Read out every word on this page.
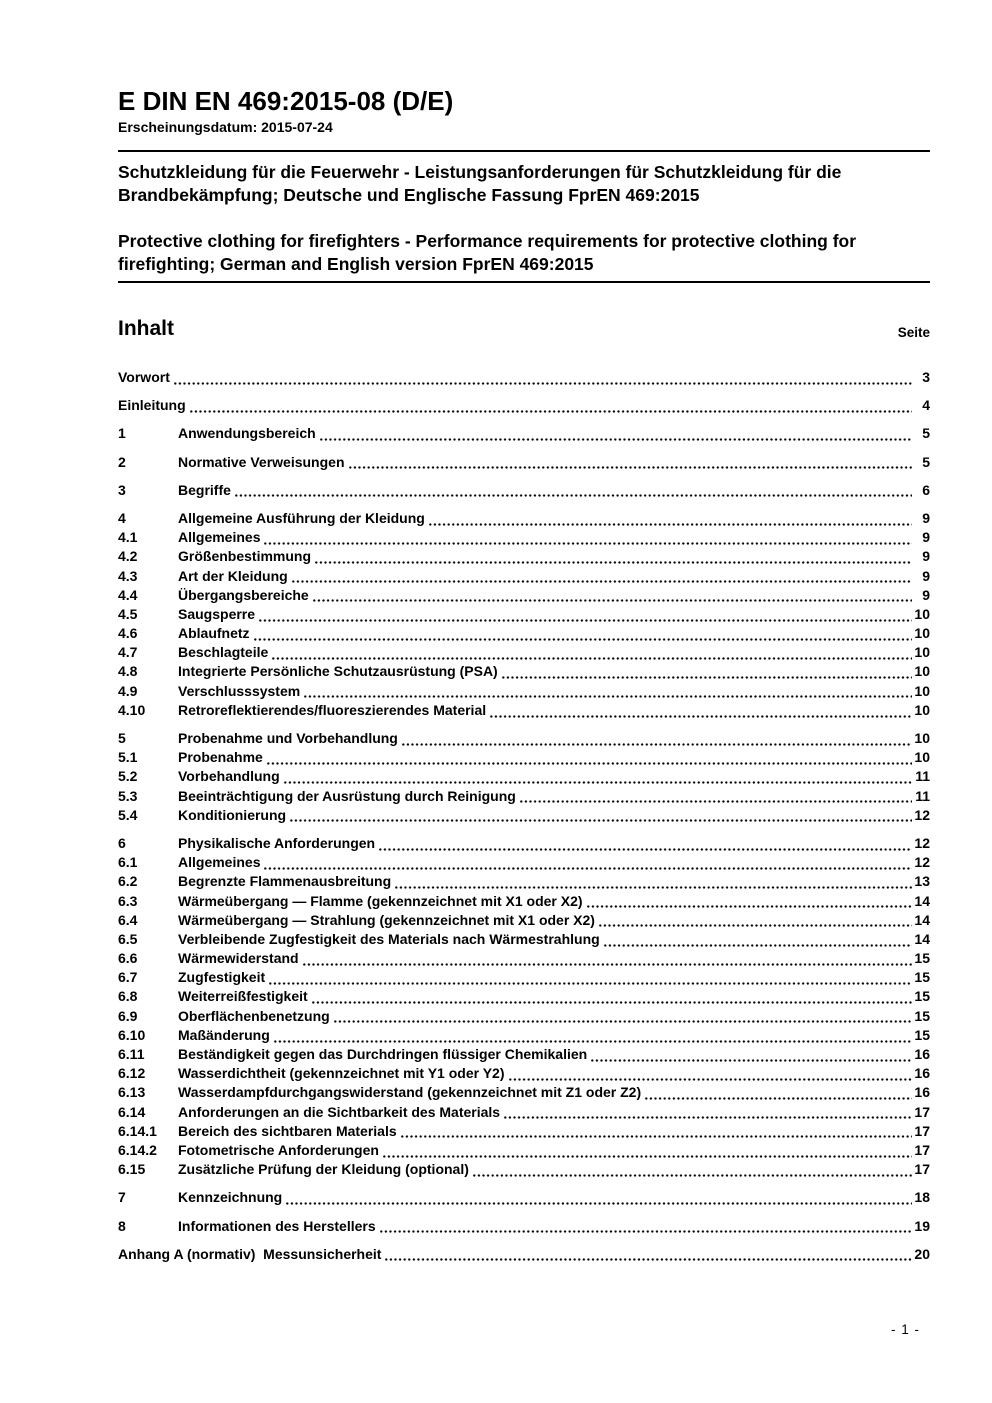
E DIN EN 469:2015-08 (D/E)
Erscheinungsdatum: 2015-07-24
Schutzkleidung für die Feuerwehr - Leistungsanforderungen für Schutzkleidung für die Brandbekämpfung; Deutsche und Englische Fassung FprEN 469:2015
Protective clothing for firefighters - Performance requirements for protective clothing for firefighting; German and English version FprEN 469:2015
Inhalt	Seite
Vorwort	3
Einleitung	4
1	Anwendungsbereich	5
2	Normative Verweisungen	5
3	Begriffe	6
4	Allgemeine Ausführung der Kleidung	9
4.1	Allgemeines	9
4.2	Größenbestimmung	9
4.3	Art der Kleidung	9
4.4	Übergangsbereiche	9
4.5	Saugsperre	10
4.6	Ablaufnetz	10
4.7	Beschlagteile	10
4.8	Integrierte Persönliche Schutzausrüstung (PSA)	10
4.9	Verschlusssystem	10
4.10	Retroreflektierendes/fluoreszierendes Material	10
5	Probenahme und Vorbehandlung	10
5.1	Probenahme	10
5.2	Vorbehandlung	11
5.3	Beeinträchtigung der Ausrüstung durch Reinigung	11
5.4	Konditionierung	12
6	Physikalische Anforderungen	12
6.1	Allgemeines	12
6.2	Begrenzte Flammenausbreitung	13
6.3	Wärmeübergang — Flamme (gekennzeichnet mit X1 oder X2)	14
6.4	Wärmeübergang — Strahlung (gekennzeichnet mit X1 oder X2)	14
6.5	Verbleibende Zugfestigkeit des Materials nach Wärmestrahlung	14
6.6	Wärmewiderstand	15
6.7	Zugfestigkeit	15
6.8	Weiterreißfestigkeit	15
6.9	Oberflächenbenetzung	15
6.10	Maßänderung	15
6.11	Beständigkeit gegen das Durchdringen flüssiger Chemikalien	16
6.12	Wasserdichtheit (gekennzeichnet mit Y1 oder Y2)	16
6.13	Wasserdampfdurchgangswiderstand (gekennzeichnet mit Z1 oder Z2)	16
6.14	Anforderungen an die Sichtbarkeit des Materials	17
6.14.1	Bereich des sichtbaren Materials	17
6.14.2	Fotometrische Anforderungen	17
6.15	Zusätzliche Prüfung der Kleidung (optional)	17
7	Kennzeichnung	18
8	Informationen des Herstellers	19
Anhang A (normativ)  Messunsicherheit	20
- 1 -
